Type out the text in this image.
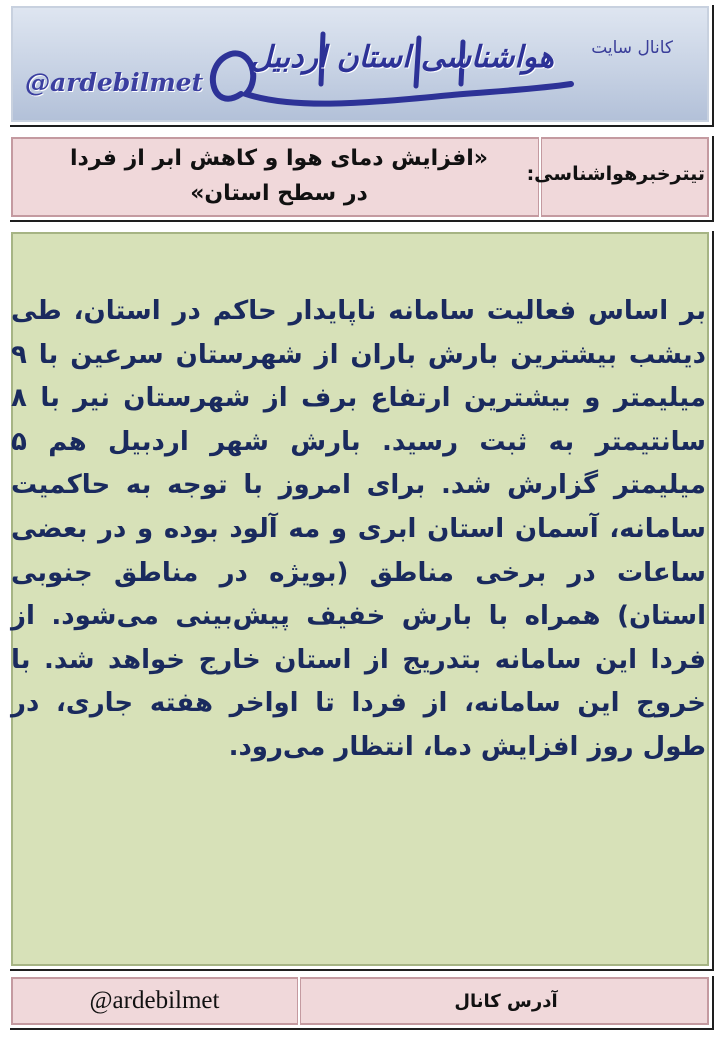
@ardebilmet
هواشناسی استان اردبیل کانال سایت
«افزایش دمای هوا و کاهش ابر از فردا
در سطح استان»
تیترخبرهواشناسی:
بر اساس فعالیت سامانه ناپایدار حاکم در استان، طی دیشب بیشترین بارش باران از شهرستان سرعین با ۹ میلیمتر و بیشترین ارتفاع برف از شهرستان نیر با ۸ سانتیمتر به ثبت رسید. بارش شهر اردبیل هم ۵ میلیمتر گزارش شد. برای امروز با توجه به حاکمیت سامانه، آسمان استان ابری و مه آلود بوده و در بعضی ساعات در برخی مناطق (بویژه در مناطق جنوبی استان) همراه با بارش خفیف پیش‌بینی می‌شود. از فردا این سامانه بتدریج از استان خارج خواهد شد. با خروج این سامانه، از فردا تا اواخر هفته جاری، در طول روز افزایش دما، انتظار می‌رود.
@ardebilmet	آدرس کانال
